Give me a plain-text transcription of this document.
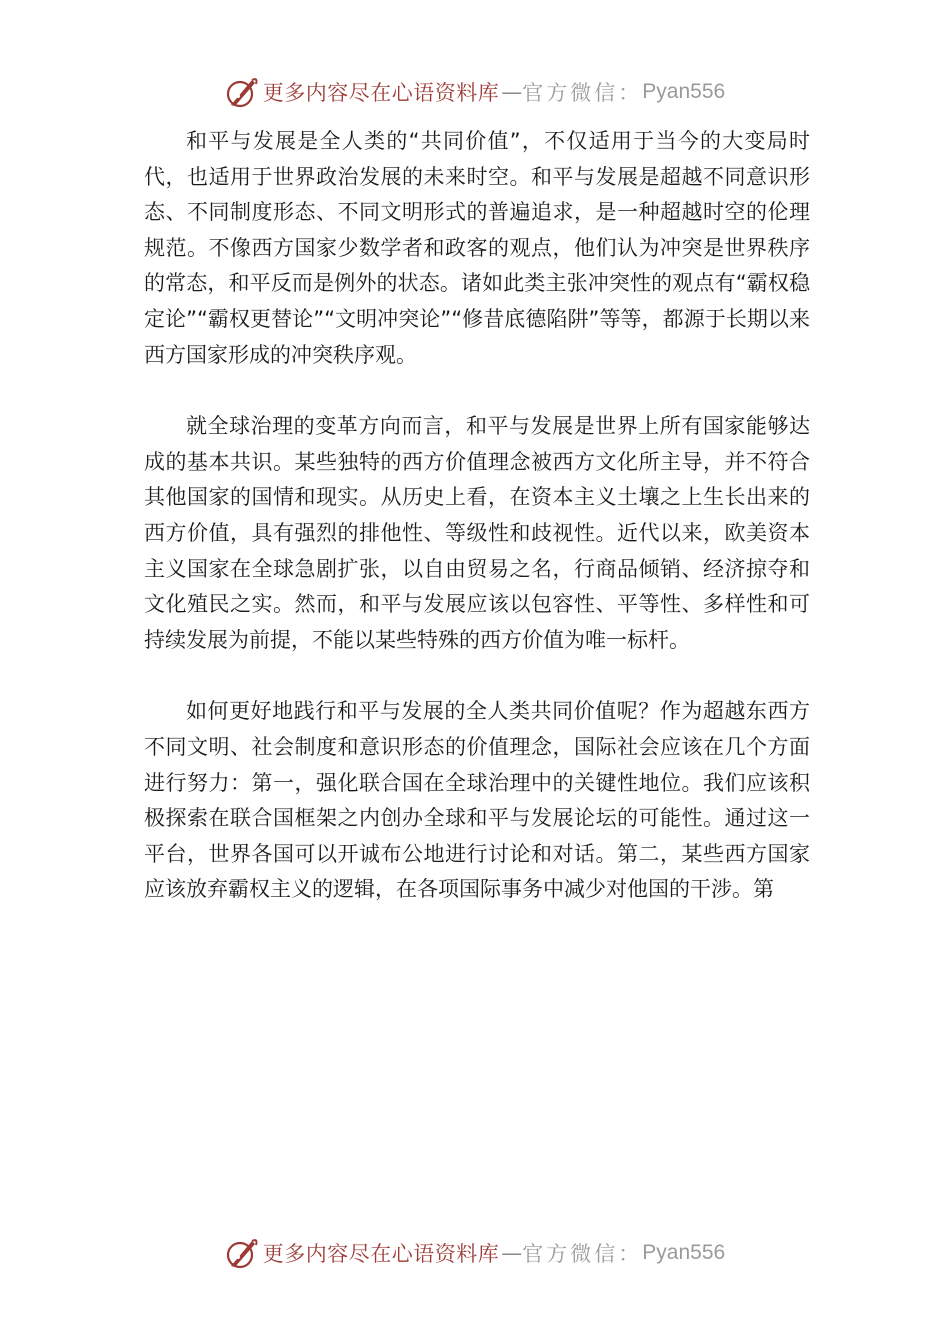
更多内容尽在心语资料库 — 官方微信： Pyan556

和平与发展是全人类的“共同价值”，不仅适用于当今的大变局时代，也适用于世界政治发展的未来时空。和平与发展是超越不同意识形态、不同制度形态、不同文明形式的普遍追求，是一种超越时空的伦理规范。不像西方国家少数学者和政客的观点，他们认为冲突是世界秩序的常态，和平反而是例外的状态。诸如此类主张冲突性的观点有“霸权稳定论”“霸权更替论”“文明冲突论”“修昔底德陷阱”等等，都源于长期以来西方国家形成的冲突秩序观。

就全球治理的变革方向而言，和平与发展是世界上所有国家能够达成的基本共识。某些独特的西方价值理念被西方文化所主导，并不符合其他国家的国情和现实。从历史上看，在资本主义土壤之上生长出来的西方价值，具有强烈的排他性、等级性和歧视性。近代以来，欧美资本主义国家在全球急剧扩张，以自由贸易之名，行商品倾销、经济掠夺和文化殖民之实。然而，和平与发展应该以包容性、平等性、多样性和可持续发展为前提，不能以某些特殊的西方价值为唯一标杆。

如何更好地践行和平与发展的全人类共同价值呢？作为超越东西方不同文明、社会制度和意识形态的价值理念，国际社会应该在几个方面进行努力：第一，强化联合国在全球治理中的关键性地位。我们应该积极探索在联合国框架之内创办全球和平与发展论坛的可能性。通过这一平台，世界各国可以开诚布公地进行讨论和对话。第二，某些西方国家应该放弃霸权主义的逻辑，在各项国际事务中减少对他国的干涉。第

更多内容尽在心语资料库 — 官方微信： Pyan556
